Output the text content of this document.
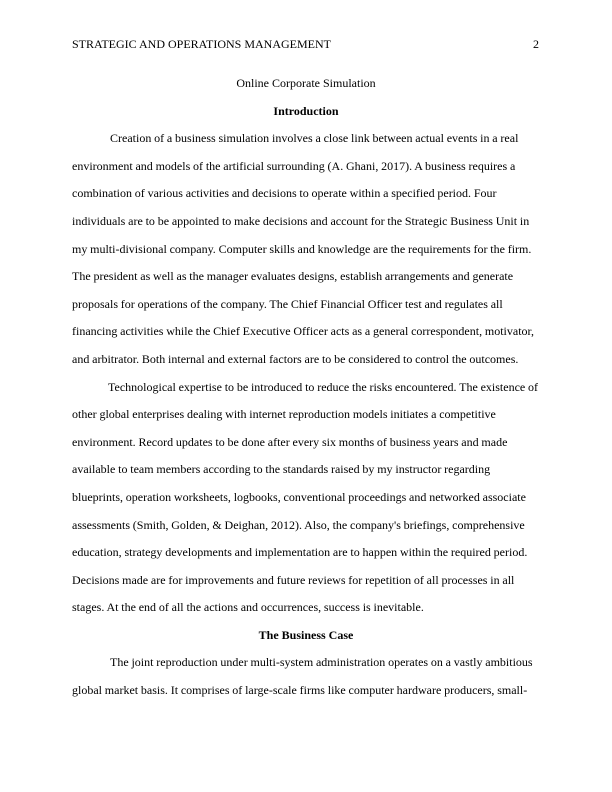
STRATEGIC AND OPERATIONS MANAGEMENT	2

Online Corporate Simulation

Introduction

Creation of a business simulation involves a close link between actual events in a real environment and models of the artificial surrounding (A. Ghani, 2017). A business requires a combination of various activities and decisions to operate within a specified period. Four individuals are to be appointed to make decisions and account for the Strategic Business Unit in my multi-divisional company. Computer skills and knowledge are the requirements for the firm. The president as well as the manager evaluates designs, establish arrangements and generate proposals for operations of the company. The Chief Financial Officer test and regulates all financing activities while the Chief Executive Officer acts as a general correspondent, motivator, and arbitrator. Both internal and external factors are to be considered to control the outcomes.

Technological expertise to be introduced to reduce the risks encountered. The existence of other global enterprises dealing with internet reproduction models initiates a competitive environment. Record updates to be done after every six months of business years and made available to team members according to the standards raised by my instructor regarding blueprints, operation worksheets, logbooks, conventional proceedings and networked associate assessments (Smith, Golden, & Deighan, 2012). Also, the company's briefings, comprehensive education, strategy developments and implementation are to happen within the required period. Decisions made are for improvements and future reviews for repetition of all processes in all stages. At the end of all the actions and occurrences, success is inevitable.

The Business Case

The joint reproduction under multi-system administration operates on a vastly ambitious global market basis. It comprises of large-scale firms like computer hardware producers, small-
